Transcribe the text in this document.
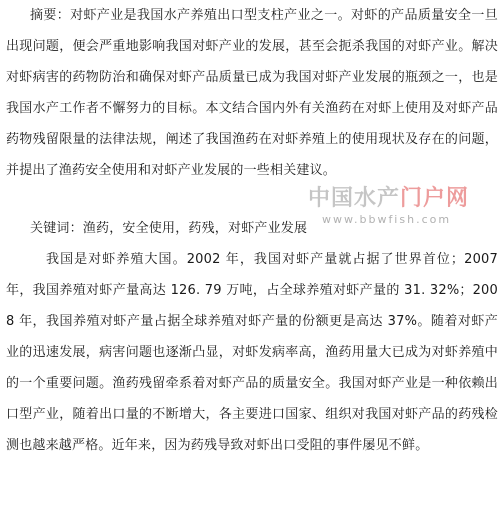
摘要：对虾产业是我国水产养殖出口型支柱产业之一。对虾的产品质量安全一旦出现问题，便会严重地影响我国对虾产业的发展，甚至会扼杀我国的对虾产业。解决对虾病害的药物防治和确保对虾产品质量已成为我国对虾产业发展的瓶颈之一，也是我国水产工作者不懈努力的目标。本文结合国内外有关渔药在对虾上使用及对虾产品药物残留限量的法律法规，阐述了我国渔药在对虾养殖上的使用现状及存在的问题，并提出了渔药安全使用和对虾产业发展的一些相关建议。

关键词：渔药，安全使用，药残，对虾产业发展

我国是对虾养殖大国。2002 年，我国对虾产量就占据了世界首位；2007 年，我国养殖对虾产量高达 126. 79 万吨，占全球养殖对虾产量的 31. 32%；2008 年，我国养殖对虾产量占据全球养殖对虾产量的份额更是高达 37%。随着对虾产业的迅速发展，病害问题也逐渐凸显，对虾发病率高，渔药用量大已成为对虾养殖中的一个重要问题。渔药残留牵系着对虾产品的质量安全。我国对虾产业是一种依赖出口型产业，随着出口量的不断增大，各主要进口国家、组织对我国对虾产品的药残检测也越来越严格。近年来，因为药残导致对虾出口受阻的事件屡见不鲜。

中国水产门户网
www.bbwfish.com
